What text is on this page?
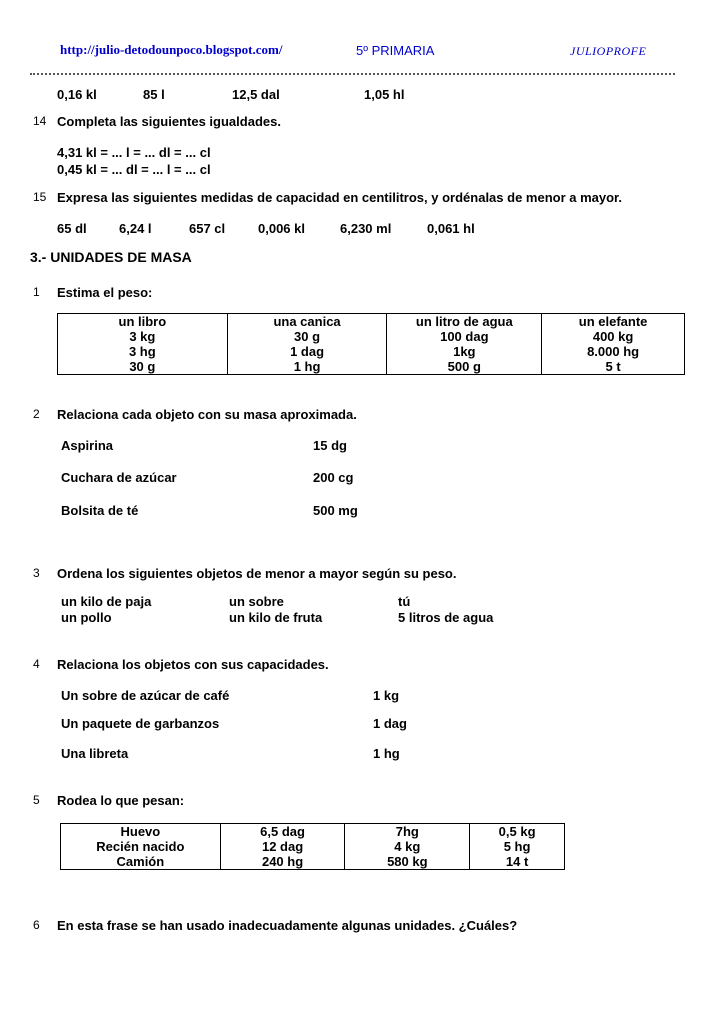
http://julio-detodounpoco.blogspot.com/	5º PRIMARIA	JULIOPROFE
0,16 kl	85 l	12,5 dal	1,05 hl
14 Completa las siguientes igualdades.
4,31 kl = ... l = ... dl = ... cl
0,45 kl = ... dl = ... l = ... cl
15 Expresa las siguientes medidas de capacidad en centilitros, y ordénalas de menor a mayor.
65 dl 6,24 l	657 cl	0,006 kl	6,230 ml	0,061 hl
3.- UNIDADES DE MASA
1 Estima el peso:
un libro	una canica	un litro de agua	un elefante
3 kg	30 g	100 dag	400 kg
3 hg	1 dag	1kg	8.000 hg
30 g	1 hg	500 g	5 t
2 Relaciona cada objeto con su masa aproximada.
Aspirina	15 dg
Cuchara de azúcar	200 cg
Bolsita de té	500 mg
3 Ordena los siguientes objetos de menor a mayor según su peso.
un kilo de paja	un sobre	tú
un pollo	un kilo de fruta	5 litros de agua
4 Relaciona los objetos con sus capacidades.
Un sobre de azúcar de café	1 kg
Un paquete de garbanzos	1 dag
Una libreta	1 hg
5 Rodea lo que pesan:
Huevo	6,5 dag	7hg	0,5 kg
Recién nacido	12 dag	4 kg	5 hg
Camión	240 hg	580 kg	14 t
6 En esta frase se han usado inadecuadamente algunas unidades. ¿Cuáles?
